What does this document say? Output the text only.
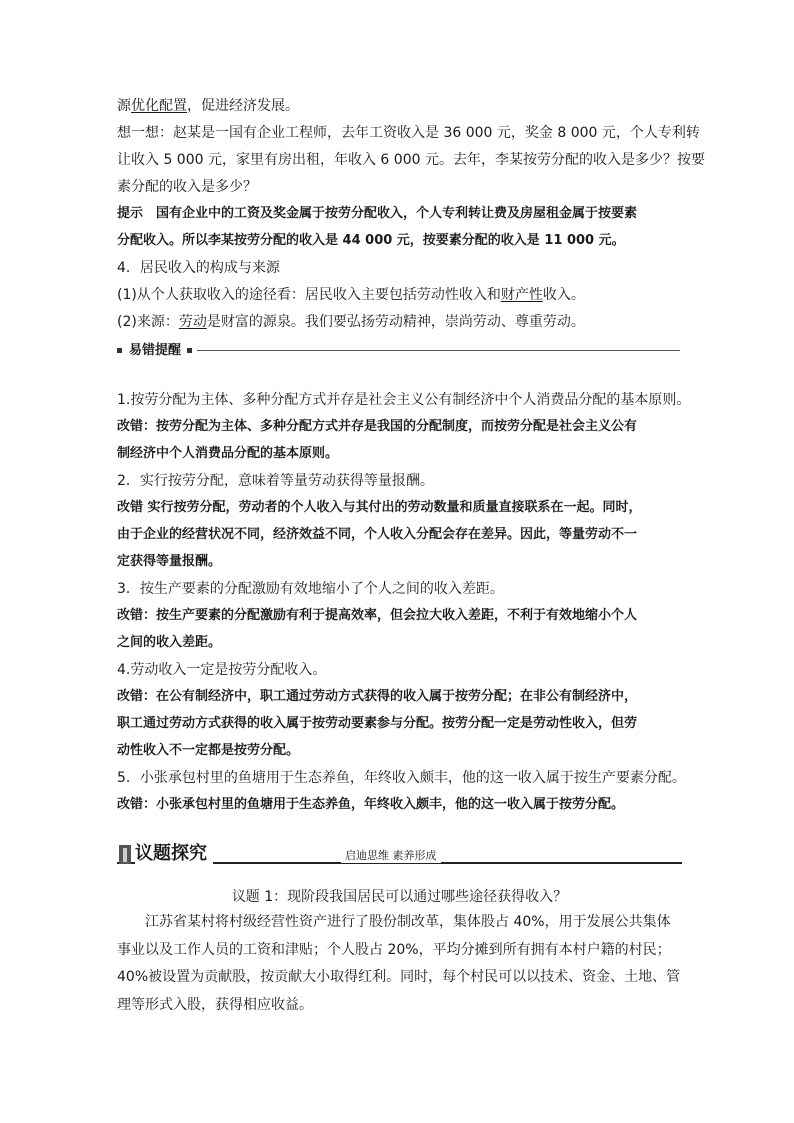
源优化配置，促进经济发展。
想一想：赵某是一国有企业工程师，去年工资收入是 36 000 元，奖金 8 000 元，个人专利转
让收入 5 000 元，家里有房出租，年收入 6 000 元。去年，李某按劳分配的收入是多少？按要
素分配的收入是多少？
提示　国有企业中的工资及奖金属于按劳分配收入，个人专利转让费及房屋租金属于按要素
分配收入。所以李某按劳分配的收入是 44 000 元，按要素分配的收入是 11 000 元。
4．居民收入的构成与来源
(1)从个人获取收入的途径看：居民收入主要包括劳动性收入和财产性收入。
(2)来源：劳动是财富的源泉。我们要弘扬劳动精神，崇尚劳动、尊重劳动。
易错提醒
1.按劳分配为主体、多种分配方式并存是社会主义公有制经济中个人消费品分配的基本原则。
改错：按劳分配为主体、多种分配方式并存是我国的分配制度，而按劳分配是社会主义公有
制经济中个人消费品分配的基本原则。
2．实行按劳分配，意味着等量劳动获得等量报酬。
改错 实行按劳分配，劳动者的个人收入与其付出的劳动数量和质量直接联系在一起。同时，
由于企业的经营状况不同，经济效益不同，个人收入分配会存在差异。因此，等量劳动不一
定获得等量报酬。
3．按生产要素的分配激励有效地缩小了个人之间的收入差距。
改错：按生产要素的分配激励有利于提高效率，但会拉大收入差距，不利于有效地缩小个人
之间的收入差距。
4.劳动收入一定是按劳分配收入。
改错：在公有制经济中，职工通过劳动方式获得的收入属于按劳分配；在非公有制经济中，
职工通过劳动方式获得的收入属于按劳动要素参与分配。按劳分配一定是劳动性收入，但劳
动性收入不一定都是按劳分配。
5．小张承包村里的鱼塘用于生态养鱼，年终收入颇丰，他的这一收入属于按生产要素分配。
改错：小张承包村里的鱼塘用于生态养鱼，年终收入颇丰，他的这一收入属于按劳分配。
议题探究	启迪思维 素养形成
议题 1：现阶段我国居民可以通过哪些途径获得收入？
江苏省某村将村级经营性资产进行了股份制改革，集体股占 40%，用于发展公共集体事业以及工作人员的工资和津贴；个人股占 20%，平均分摊到所有拥有本村户籍的村民；40%被设置为贡献股，按贡献大小取得红利。同时，每个村民可以以技术、资金、土地、管理等形式入股，获得相应收益。
